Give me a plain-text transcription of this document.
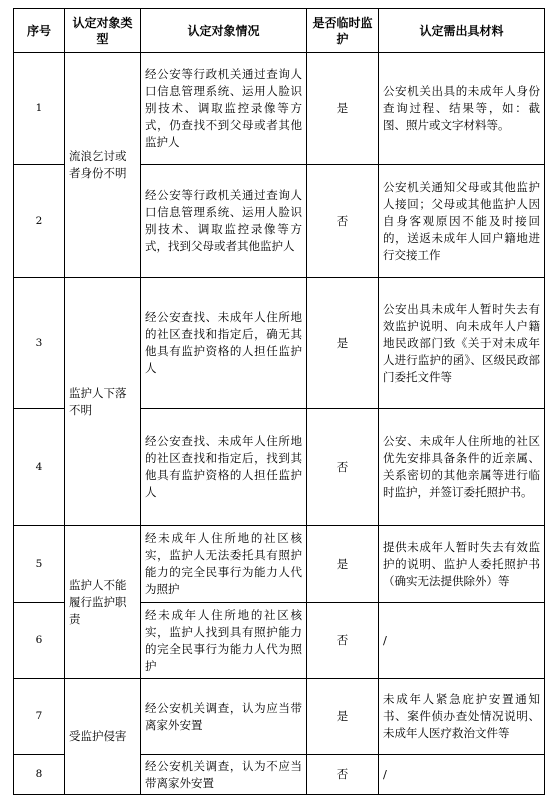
序号	认定对象类型	认定对象情况	是否临时监护	认定需出具材料
1	流浪乞讨或者身份不明	经公安等行政机关通过查询人口信息管理系统、运用人脸识别技术、调取监控录像等方式，仍查找不到父母或者其他监护人	是	公安机关出具的未成年人身份查询过程、结果等，如：截图、照片或文字材料等。
2		经公安等行政机关通过查询人口信息管理系统、运用人脸识别技术、调取监控录像等方式，找到父母或者其他监护人	否	公安机关通知父母或其他监护人接回；父母或其他监护人因自身客观原因不能及时接回的，送返未成年人回户籍地进行交接工作
3	监护人下落不明	经公安查找、未成年人住所地的社区查找和指定后，确无其他具有监护资格的人担任监护人	是	公安出具未成年人暂时失去有效监护说明、向未成年人户籍地民政部门致《关于对未成年人进行监护的函》、区级民政部门委托文件等
4		经公安查找、未成年人住所地的社区查找和指定后，找到其他具有监护资格的人担任监护人	否	公安、未成年人住所地的社区优先安排具备条件的近亲属、关系密切的其他亲属等进行临时监护，并签订委托照护书。
5	监护人不能履行监护职责	经未成年人住所地的社区核实，监护人无法委托具有照护能力的完全民事行为能力人代为照护	是	提供未成年人暂时失去有效监护的说明、监护人委托照护书（确实无法提供除外）等
6		经未成年人住所地的社区核实，监护人找到具有照护能力的完全民事行为能力人代为照护	否	/
7	受监护侵害	经公安机关调查，认为应当带离家外安置	是	未成年人紧急庇护安置通知书、案件侦办查处情况说明、未成年人医疗救治文件等
8		经公安机关调查，认为不应当带离家外安置	否	/
